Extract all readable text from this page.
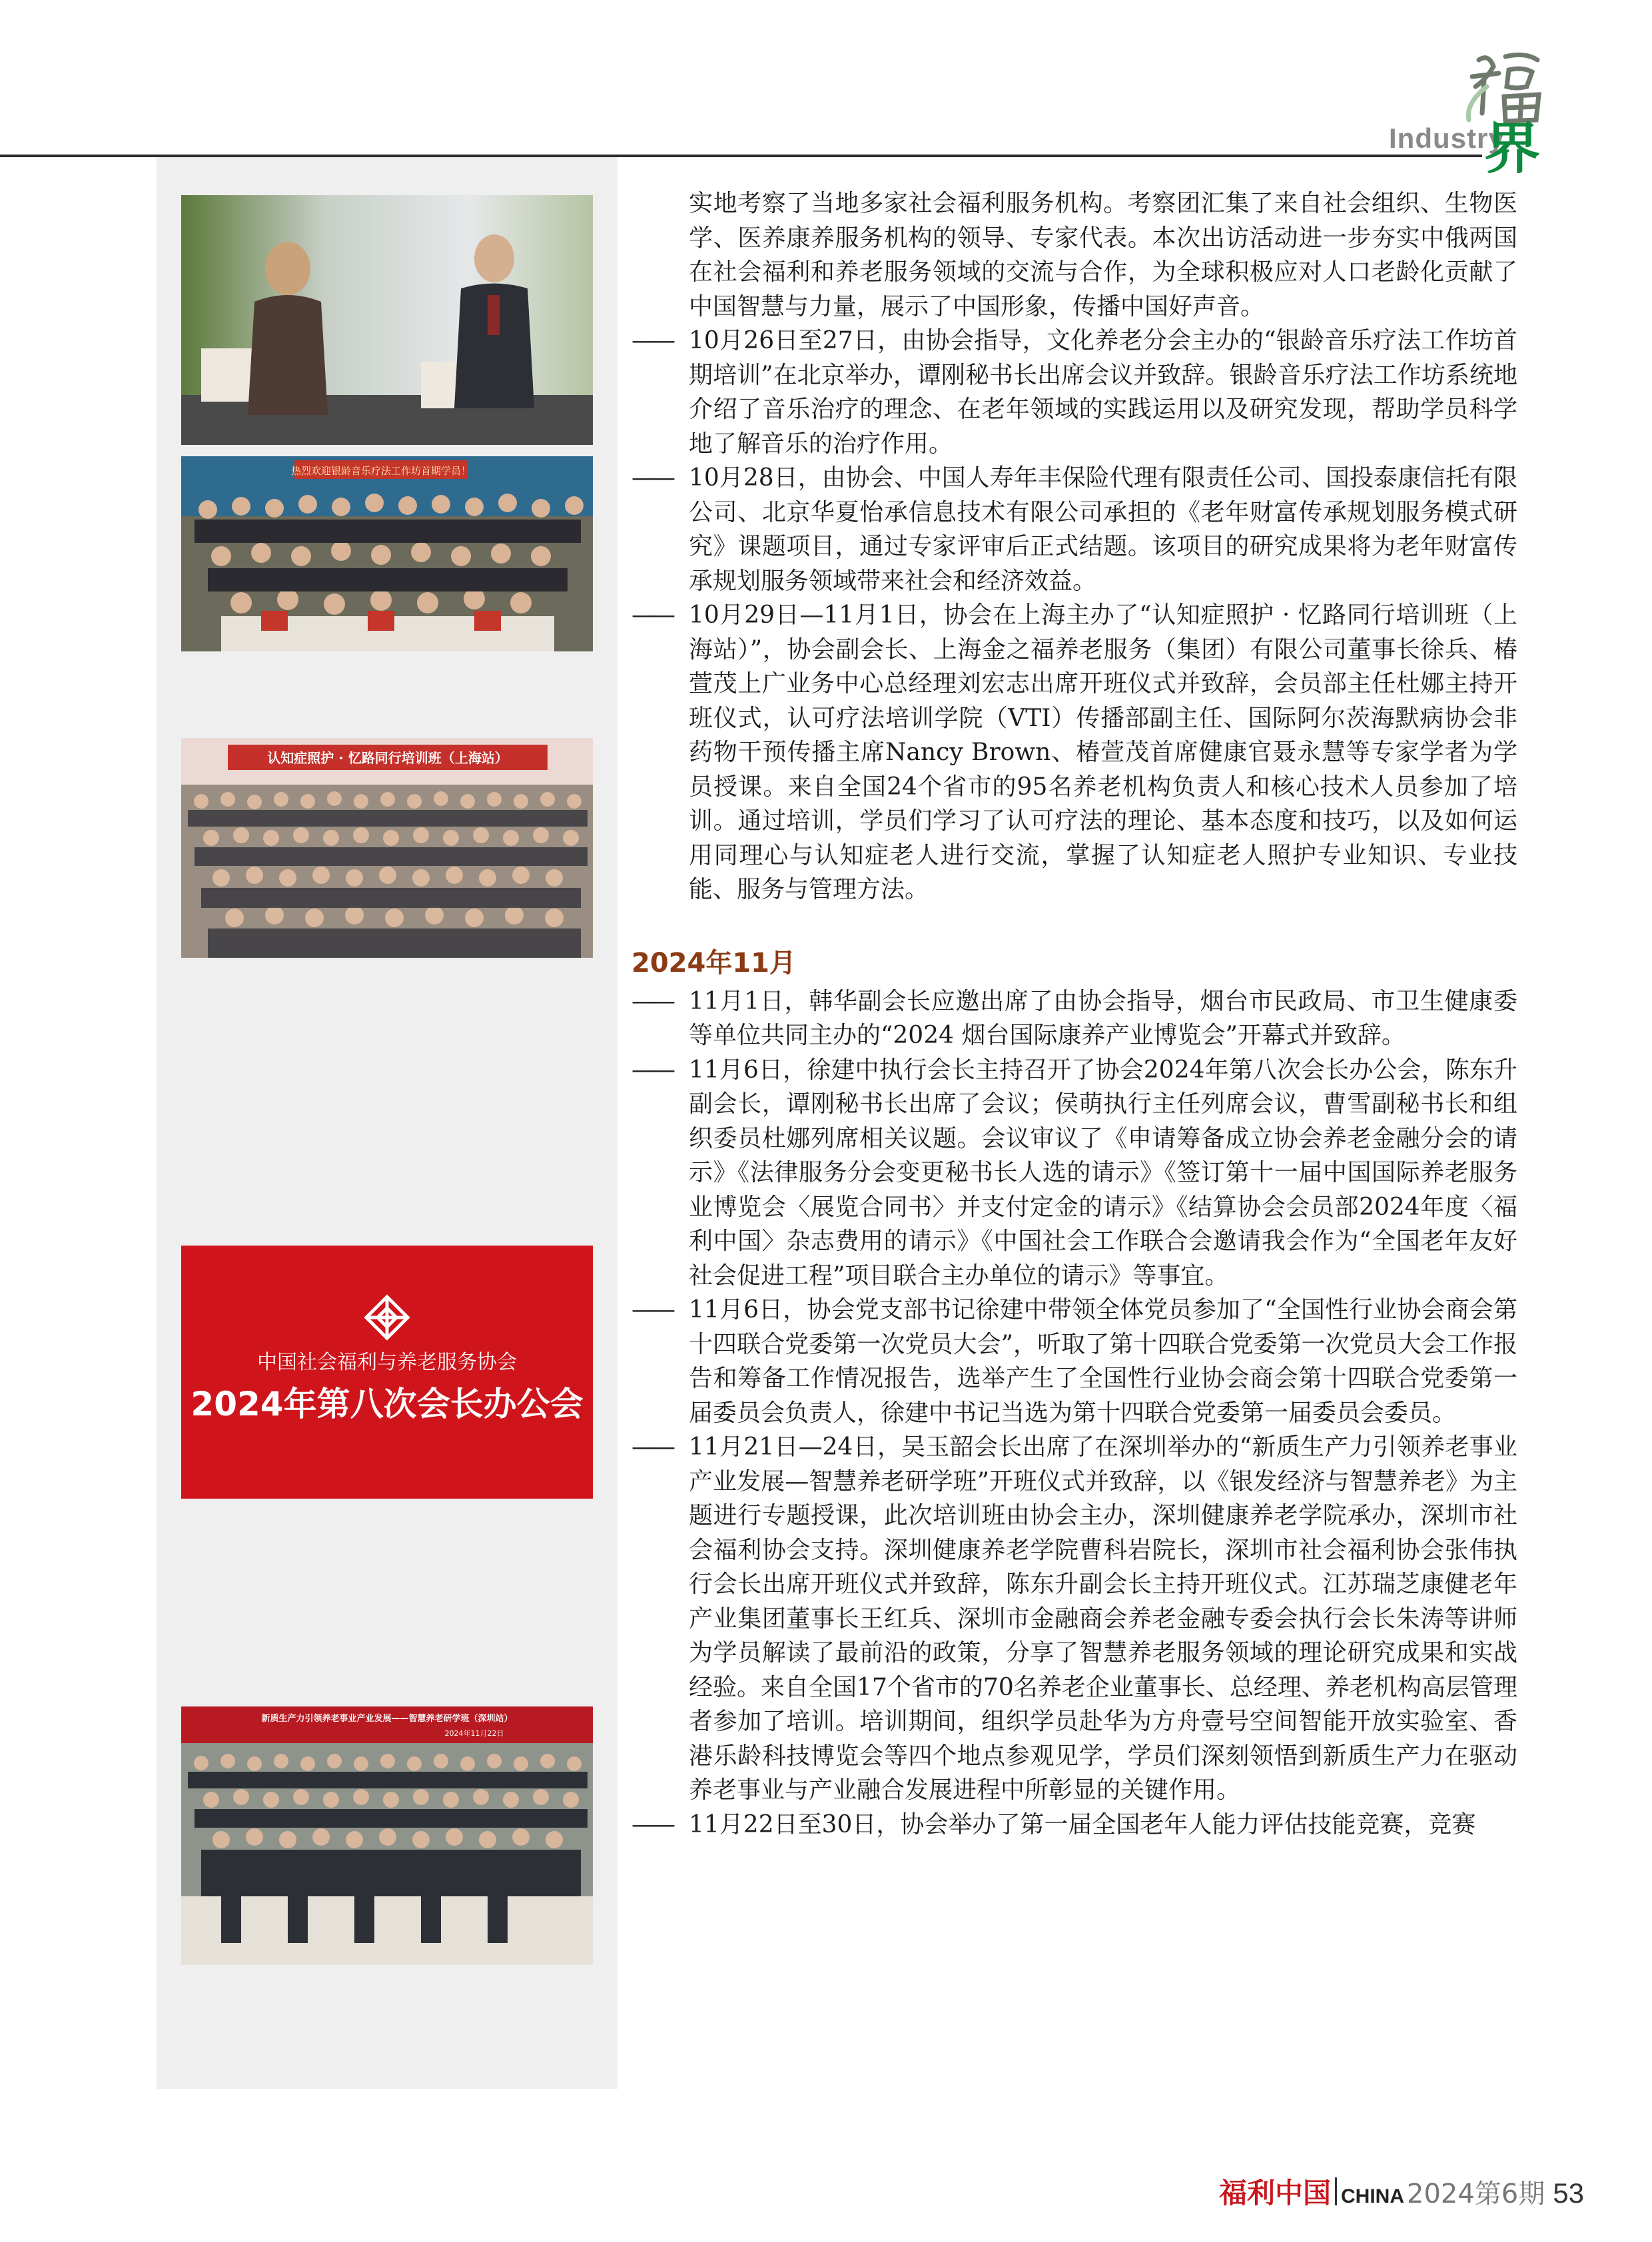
Industry
界
热烈欢迎银龄音乐疗法工作坊首期学员！
认知症照护 · 忆路同行培训班（上海站）
中国社会福利与养老服务协会
2024年第八次会长办公会
新质生产力引领养老事业产业发展——智慧养老研学班（深圳站）
2024年11月22日
实地考察了当地多家社会福利服务机构。考察团汇集了来自社会组织、生物医学、医养康养服务机构的领导、专家代表。本次出访活动进一步夯实中俄两国在社会福利和养老服务领域的交流与合作，为全球积极应对人口老龄化贡献了中国智慧与力量，展示了中国形象，传播中国好声音。
—— 10月26日至27日，由协会指导，文化养老分会主办的“银龄音乐疗法工作坊首期培训”在北京举办，谭刚秘书长出席会议并致辞。银龄音乐疗法工作坊系统地介绍了音乐治疗的理念、在老年领域的实践运用以及研究发现，帮助学员科学地了解音乐的治疗作用。
—— 10月28日，由协会、中国人寿年丰保险代理有限责任公司、国投泰康信托有限公司、北京华夏怡承信息技术有限公司承担的《老年财富传承规划服务模式研究》课题项目，通过专家评审后正式结题。该项目的研究成果将为老年财富传承规划服务领域带来社会和经济效益。
—— 10月29日—11月1日，协会在上海主办了“认知症照护 · 忆路同行培训班（上海站）”，协会副会长、上海金之福养老服务（集团）有限公司董事长徐兵、椿萱茂上广业务中心总经理刘宏志出席开班仪式并致辞，会员部主任杜娜主持开班仪式，认可疗法培训学院（VTI）传播部副主任、国际阿尔茨海默病协会非药物干预传播主席Nancy Brown、椿萱茂首席健康官聂永慧等专家学者为学员授课。来自全国24个省市的95名养老机构负责人和核心技术人员参加了培训。通过培训，学员们学习了认可疗法的理论、基本态度和技巧，以及如何运用同理心与认知症老人进行交流，掌握了认知症老人照护专业知识、专业技能、服务与管理方法。
2024年11月
—— 11月1日，韩华副会长应邀出席了由协会指导，烟台市民政局、市卫生健康委等单位共同主办的“2024 烟台国际康养产业博览会”开幕式并致辞。
—— 11月6日，徐建中执行会长主持召开了协会2024年第八次会长办公会，陈东升副会长，谭刚秘书长出席了会议；侯萌执行主任列席会议，曹雪副秘书长和组织委员杜娜列席相关议题。会议审议了《申请筹备成立协会养老金融分会的请示》《法律服务分会变更秘书长人选的请示》《签订第十一届中国国际养老服务业博览会〈展览合同书〉并支付定金的请示》《结算协会会员部2024年度〈福利中国〉杂志费用的请示》《中国社会工作联合会邀请我会作为“全国老年友好社会促进工程”项目联合主办单位的请示》等事宜。
—— 11月6日，协会党支部书记徐建中带领全体党员参加了“全国性行业协会商会第十四联合党委第一次党员大会”，听取了第十四联合党委第一次党员大会工作报告和筹备工作情况报告，选举产生了全国性行业协会商会第十四联合党委第一届委员会负责人，徐建中书记当选为第十四联合党委第一届委员会委员。
—— 11月21日—24日，吴玉韶会长出席了在深圳举办的“新质生产力引领养老事业产业发展—智慧养老研学班”开班仪式并致辞，以《银发经济与智慧养老》为主题进行专题授课，此次培训班由协会主办，深圳健康养老学院承办，深圳市社会福利协会支持。深圳健康养老学院曹科岩院长，深圳市社会福利协会张伟执行会长出席开班仪式并致辞，陈东升副会长主持开班仪式。江苏瑞芝康健老年产业集团董事长王红兵、深圳市金融商会养老金融专委会执行会长朱涛等讲师为学员解读了最前沿的政策，分享了智慧养老服务领域的理论研究成果和实战经验。来自全国17个省市的70名养老企业董事长、总经理、养老机构高层管理者参加了培训。培训期间，组织学员赴华为方舟壹号空间智能开放实验室、香港乐龄科技博览会等四个地点参观见学，学员们深刻领悟到新质生产力在驱动养老事业与产业融合发展进程中所彰显的关键作用。
—— 11月22日至30日，协会举办了第一届全国老年人能力评估技能竞赛，竞赛
福利中国 CHINA 2024第6期 53
